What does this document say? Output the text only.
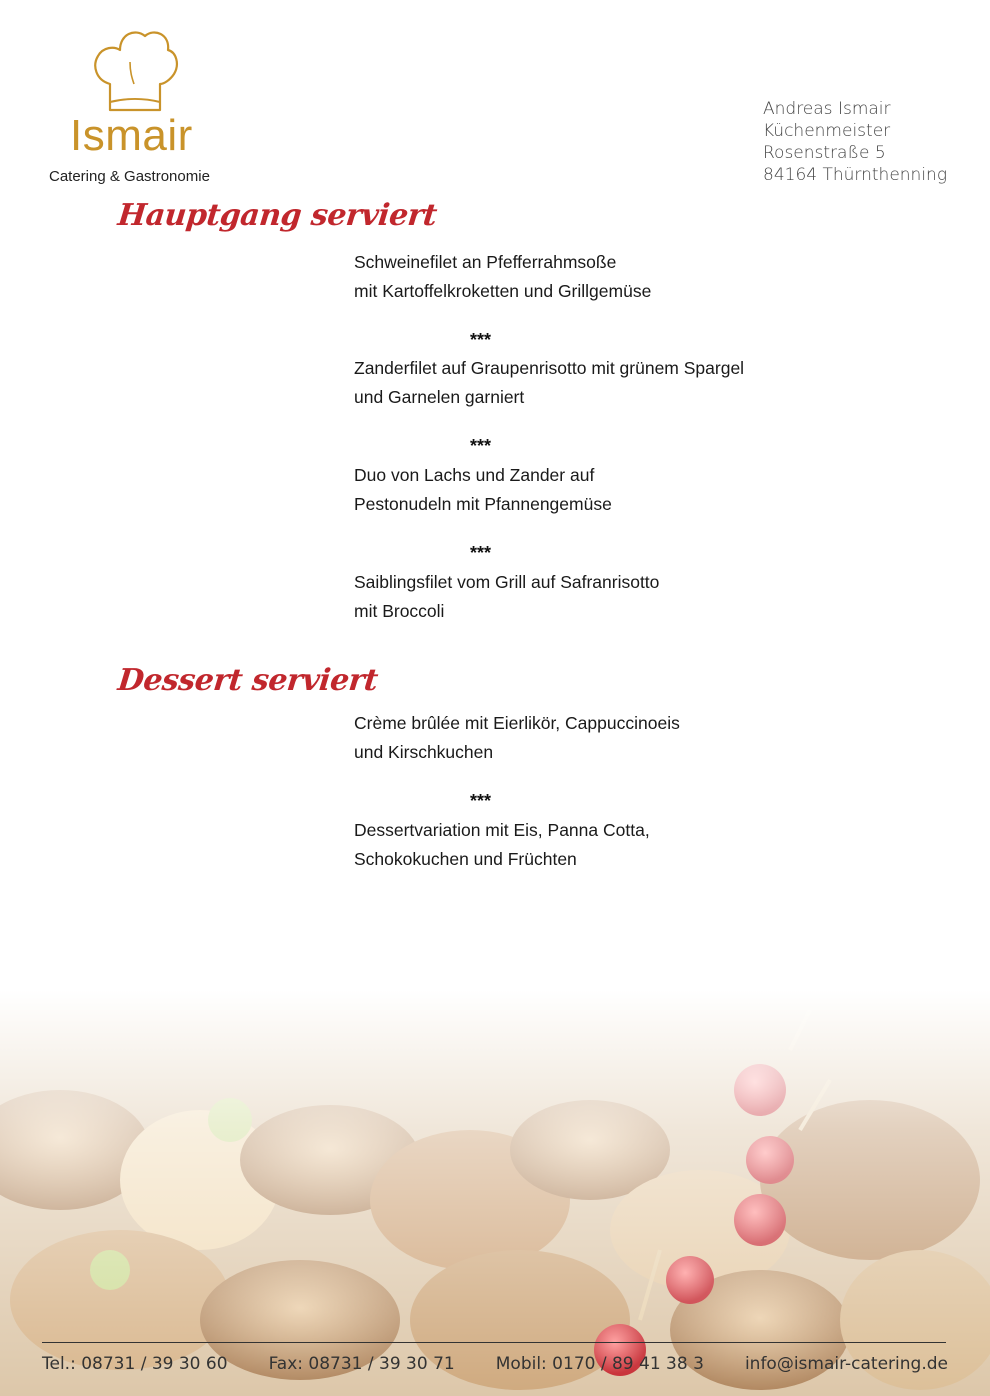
Ismair
Catering & Gastronomie
Andreas Ismair
Küchenmeister
Rosenstraße 5
84164 Thürnthenning
Hauptgang serviert
Schweinefilet an Pfefferrahmsoße
mit Kartoffelkroketten und Grillgemüse
***
Zanderfilet auf Graupenrisotto mit grünem Spargel
und Garnelen garniert
***
Duo von Lachs und Zander auf
Pestonudeln mit Pfannengemüse
***
Saiblingsfilet vom Grill auf Safranrisotto
mit Broccoli
Dessert serviert
Crème brûlée mit Eierlikör, Cappuccinoeis
und Kirschkuchen
***
Dessertvariation mit Eis, Panna Cotta,
Schokokuchen und Früchten
Tel.: 08731 / 39 30 60 Fax: 08731 / 39 30 71 Mobil: 0170 / 89 41 38 3 info@ismair-catering.de
